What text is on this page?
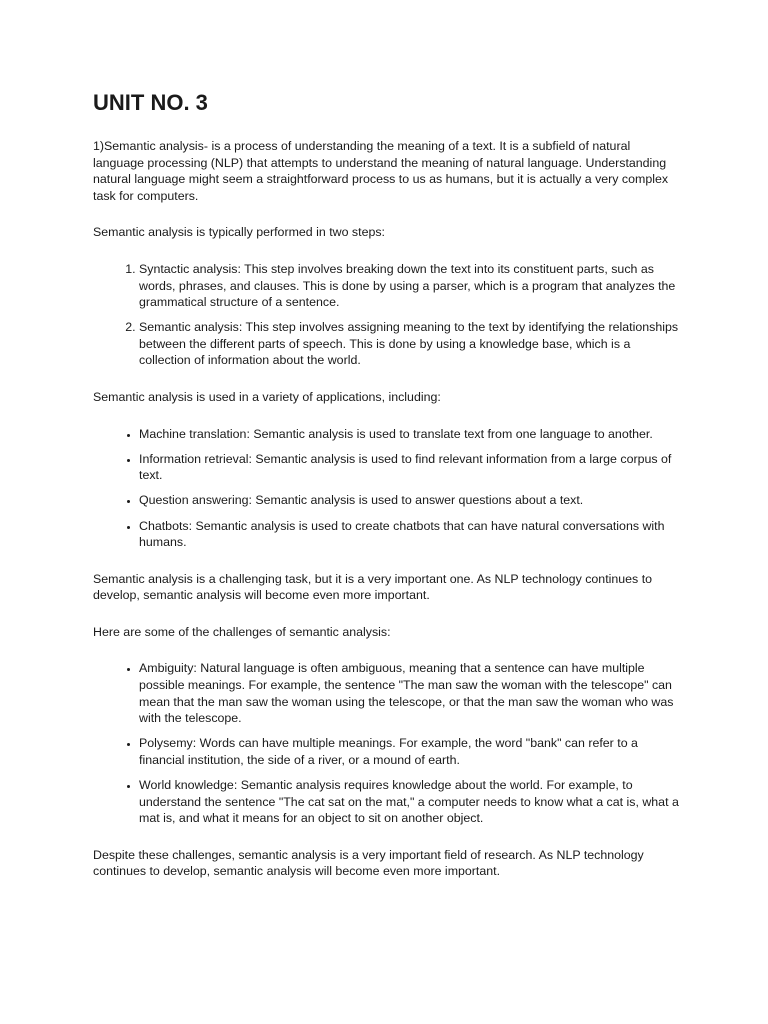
UNIT NO. 3

1)Semantic analysis- is a process of understanding the meaning of a text. It is a subfield of natural language processing (NLP) that attempts to understand the meaning of natural language. Understanding natural language might seem a straightforward process to us as humans, but it is actually a very complex task for computers.

Semantic analysis is typically performed in two steps:

1. Syntactic analysis: This step involves breaking down the text into its constituent parts, such as words, phrases, and clauses. This is done by using a parser, which is a program that analyzes the grammatical structure of a sentence.
2. Semantic analysis: This step involves assigning meaning to the text by identifying the relationships between the different parts of speech. This is done by using a knowledge base, which is a collection of information about the world.

Semantic analysis is used in a variety of applications, including:

• Machine translation: Semantic analysis is used to translate text from one language to another.
• Information retrieval: Semantic analysis is used to find relevant information from a large corpus of text.
• Question answering: Semantic analysis is used to answer questions about a text.
• Chatbots: Semantic analysis is used to create chatbots that can have natural conversations with humans.

Semantic analysis is a challenging task, but it is a very important one. As NLP technology continues to develop, semantic analysis will become even more important.

Here are some of the challenges of semantic analysis:

• Ambiguity: Natural language is often ambiguous, meaning that a sentence can have multiple possible meanings. For example, the sentence "The man saw the woman with the telescope" can mean that the man saw the woman using the telescope, or that the man saw the woman who was with the telescope.
• Polysemy: Words can have multiple meanings. For example, the word "bank" can refer to a financial institution, the side of a river, or a mound of earth.
• World knowledge: Semantic analysis requires knowledge about the world. For example, to understand the sentence "The cat sat on the mat," a computer needs to know what a cat is, what a mat is, and what it means for an object to sit on another object.

Despite these challenges, semantic analysis is a very important field of research. As NLP technology continues to develop, semantic analysis will become even more important.
